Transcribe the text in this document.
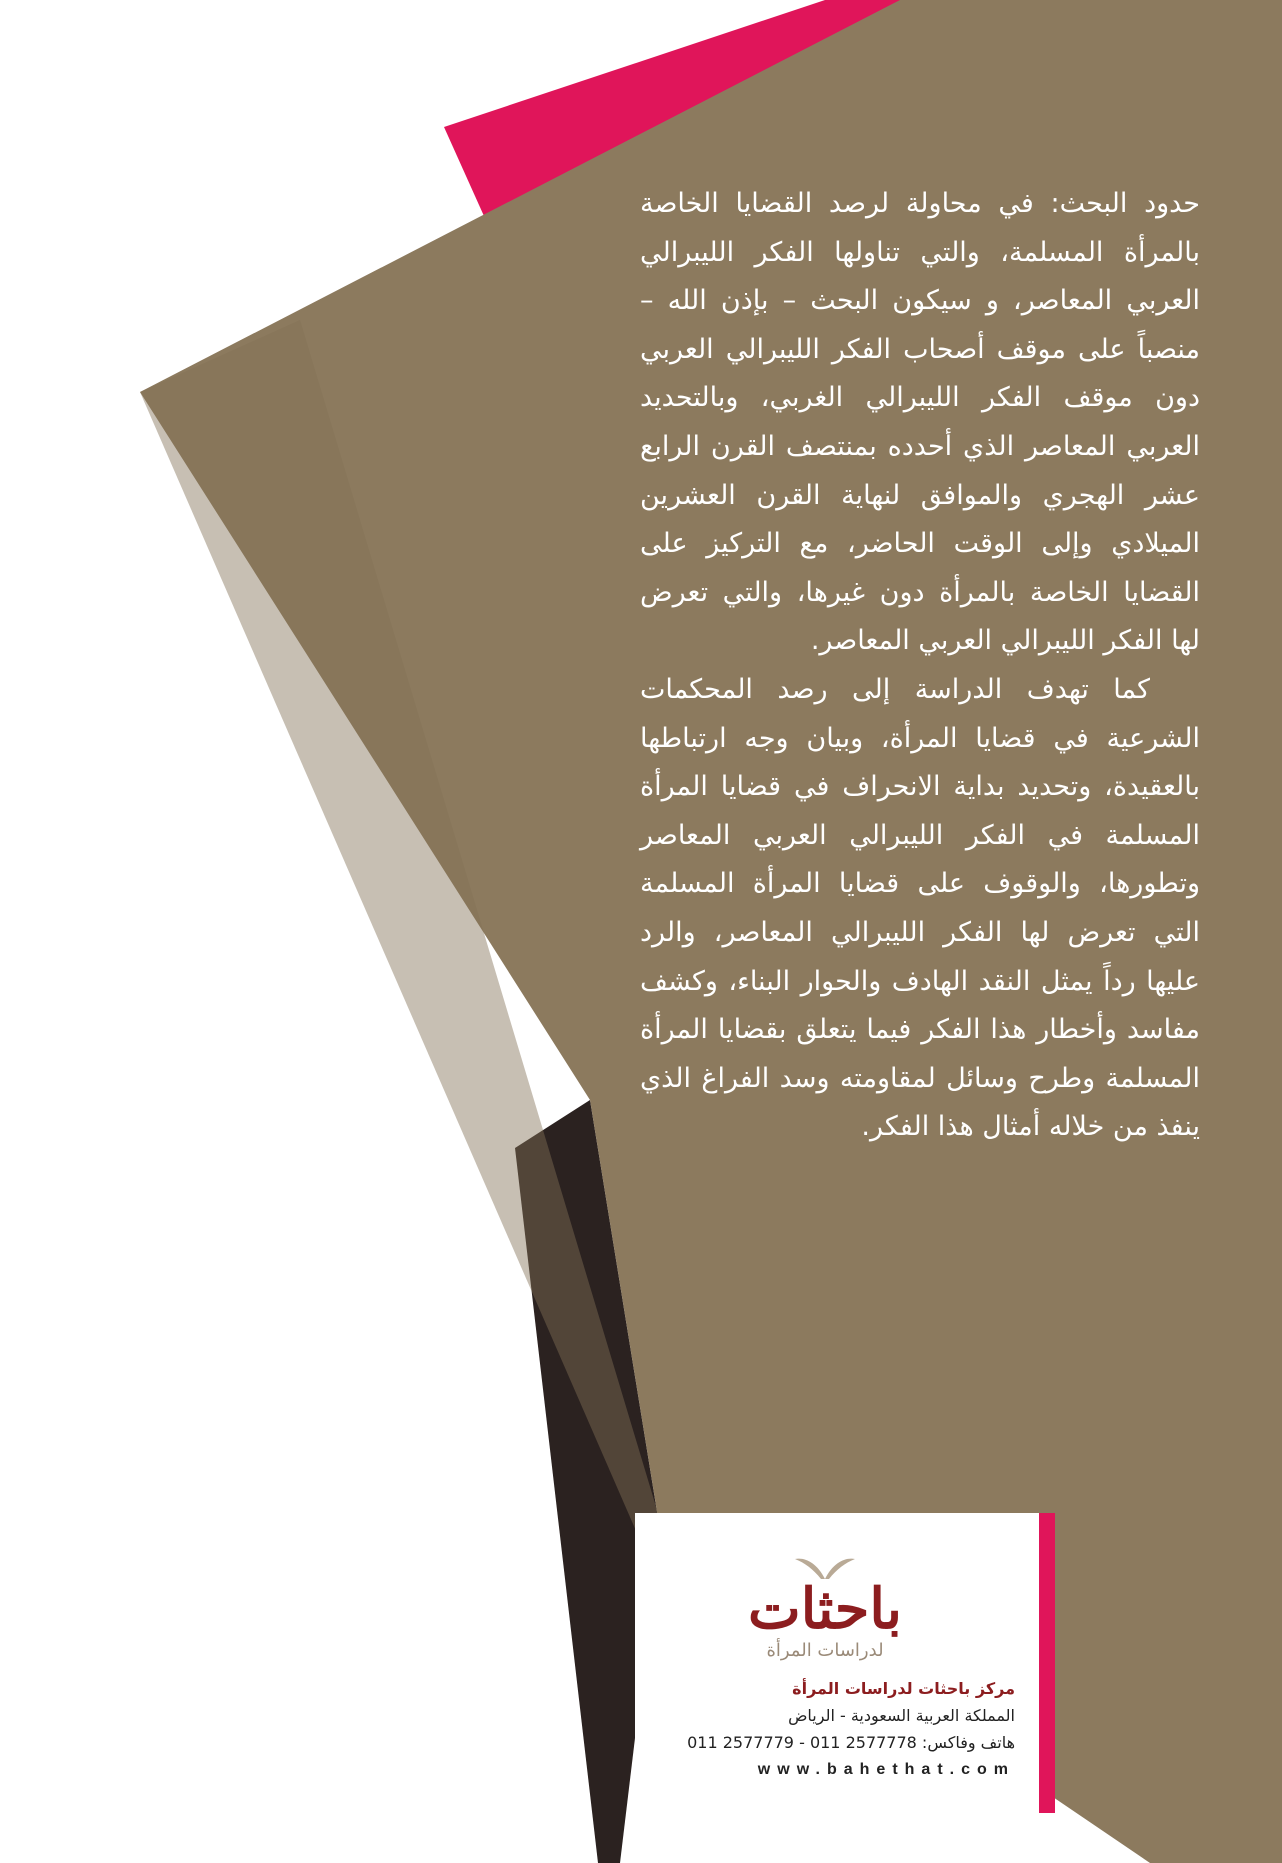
حدود البحث: في محاولة لرصد القضايا الخاصة بالمرأة المسلمة، والتي تناولها الفكر الليبرالي العربي المعاصر، و سيكون البحث – بإذن الله – منصباً على موقف أصحاب الفكر الليبرالي العربي دون موقف الفكر الليبرالي الغربي، وبالتحديد العربي المعاصر الذي أحدده بمنتصف القرن الرابع عشر الهجري والموافق لنهاية القرن العشرين الميلادي وإلى الوقت الحاضر، مع التركيز على القضايا الخاصة بالمرأة دون غيرها، والتي تعرض لها الفكر الليبرالي العربي المعاصر.

كما تهدف الدراسة إلى رصد المحكمات الشرعية في قضايا المرأة، وبيان وجه ارتباطها بالعقيدة، وتحديد بداية الانحراف في قضايا المرأة المسلمة في الفكر الليبرالي العربي المعاصر وتطورها، والوقوف على قضايا المرأة المسلمة التي تعرض لها الفكر الليبرالي المعاصر، والرد عليها رداً يمثل النقد الهادف والحوار البناء، وكشف مفاسد وأخطار هذا الفكر فيما يتعلق بقضايا المرأة المسلمة وطرح وسائل لمقاومته وسد الفراغ الذي ينفذ من خلاله أمثال هذا الفكر.

باحثات
لدراسات المرأة
مركز باحثات لدراسات المرأة
المملكة العربية السعودية - الرياض
هاتف وفاكس: 2577778 011 - 2577779 011
www.bahethat.com
